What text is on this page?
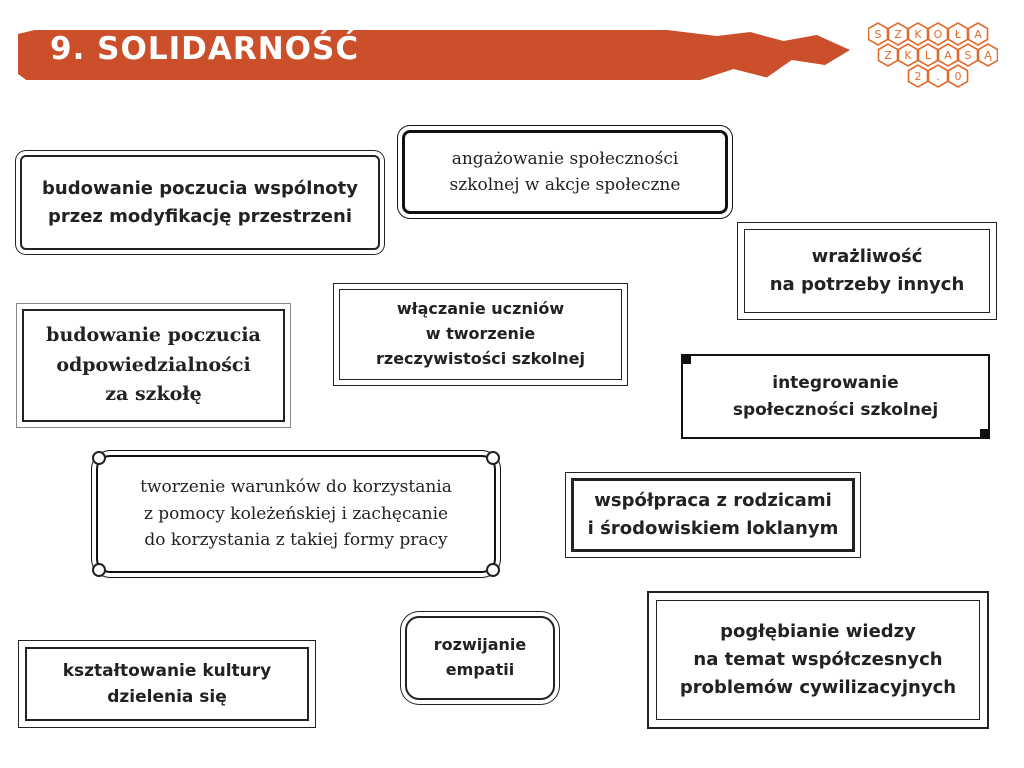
9. SOLIDARNOŚĆ	S Z K O Ł A
Z K L A S Ą
2 . 0
budowanie poczucia wspólnoty
przez modyfikację przestrzeni
angażowanie społeczności
szkolnej w akcje społeczne
wrażliwość
na potrzeby innych
budowanie poczucia
odpowiedzialności
za szkołę
włączanie uczniów
w tworzenie
rzeczywistości szkolnej
integrowanie
społeczności szkolnej
tworzenie warunków do korzystania
z pomocy koleżeńskiej i zachęcanie
do korzystania z takiej formy pracy
współpraca z rodzicami
i środowiskiem loklanym
kształtowanie kultury
dzielenia się
rozwijanie
empatii
pogłębianie wiedzy
na temat współczesnych
problemów cywilizacyjnych
